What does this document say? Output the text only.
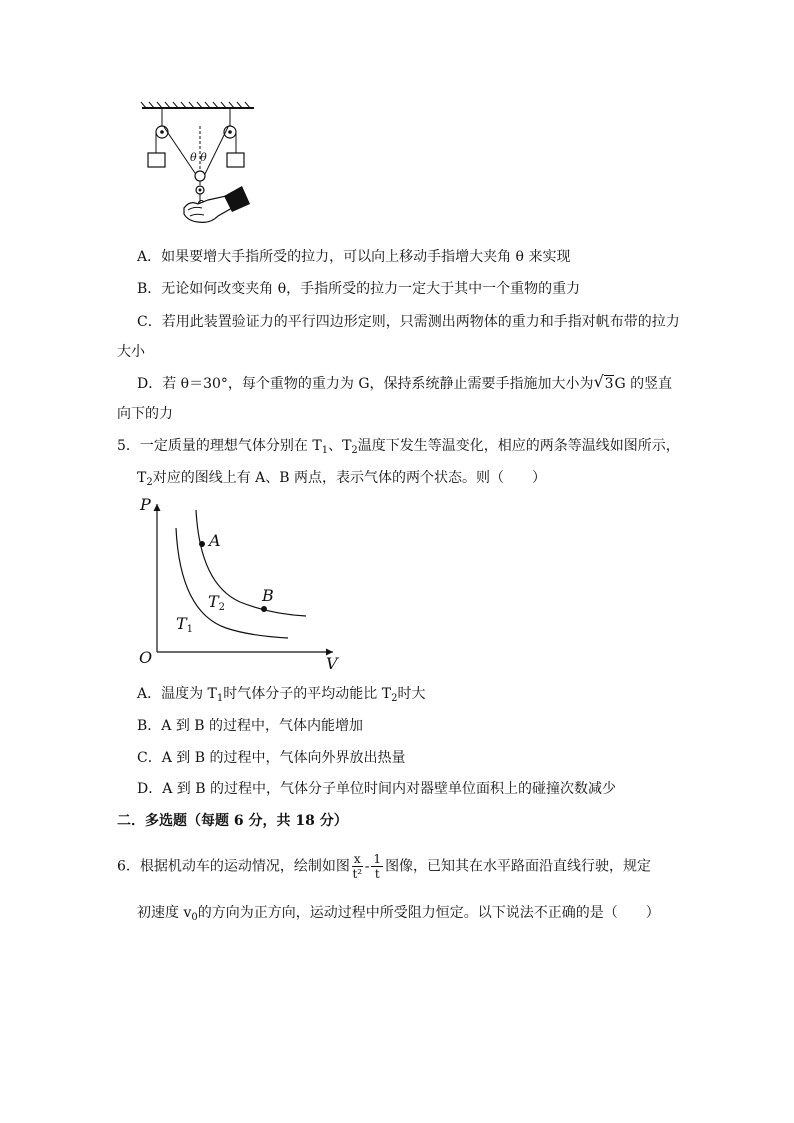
θ θ
A．如果要增大手指所受的拉力，可以向上移动手指增大夹角 θ 来实现
B．无论如何改变夹角 θ，手指所受的拉力一定大于其中一个重物的重力
C．若用此装置验证力的平行四边形定则，只需测出两物体的重力和手指对帆布带的拉力
大小
D．若 θ＝30°，每个重物的重力为 G，保持系统静止需要手指施加大小为√ 3G 的竖直
向下的力
5．一定质量的理想气体分别在 $T_1$、$T_2$温度下发生等温变化，相应的两条等温线如图所示，
$T_2$对应的图线上有 A、B 两点，表示气体的两个状态。则（　　）
P
V
O
A
B
$T_2$
$T_1$
A．温度为 $T_1$时气体分子的平均动能比 $T_2$时大
B．A 到 B 的过程中，气体内能增加
C．A 到 B 的过程中，气体向外界放出热量
D．A 到 B 的过程中，气体分子单位时间内对器壁单位面积上的碰撞次数减少
二．多选题（每题 6 分，共 18 分）
6．根据机动车的运动情况，绘制如图 $\frac{x}{\text{t²}} - \frac{1}{t}$ 图像，已知其在水平路面沿直线行驶，规定
初速度 $v_0$的方向为正方向，运动过程中所受阻力恒定。以下说法不正确的是（　　）
